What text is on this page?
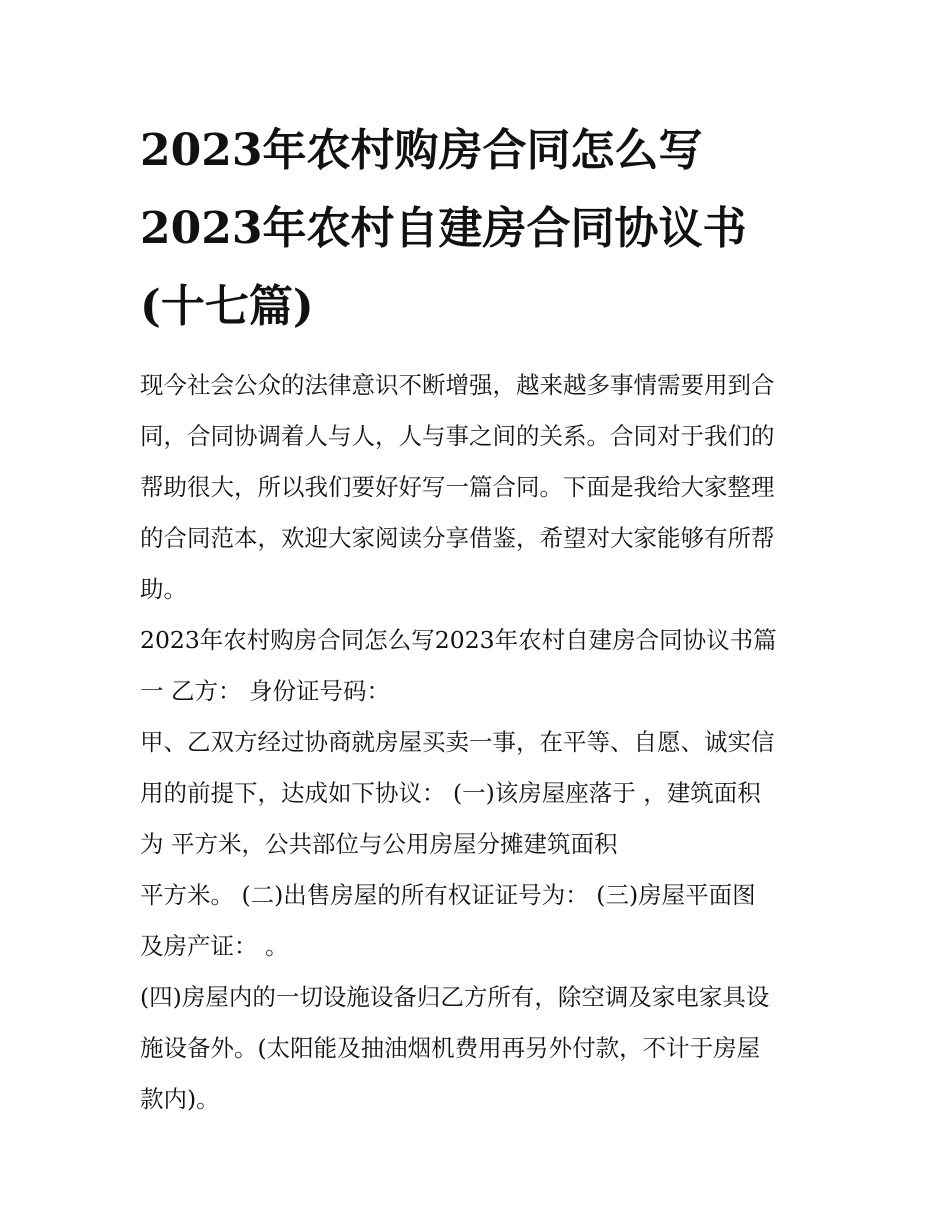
2023年农村购房合同怎么写
2023年农村自建房合同协议书
(十七篇)

现今社会公众的法律意识不断增强，越来越多事情需要用到合
同，合同协调着人与人，人与事之间的关系。合同对于我们的
帮助很大，所以我们要好好写一篇合同。下面是我给大家整理
的合同范本，欢迎大家阅读分享借鉴，希望对大家能够有所帮
助。

2023年农村购房合同怎么写2023年农村自建房合同协议书篇
一 乙方： 身份证号码：

甲、乙双方经过协商就房屋买卖一事，在平等、自愿、诚实信
用的前提下，达成如下协议： (一)该房屋座落于 ，建筑面积
为 平方米，公共部位与公用房屋分摊建筑面积
平方米。 (二)出售房屋的所有权证证号为： (三)房屋平面图
及房产证： 。

(四)房屋内的一切设施设备归乙方所有，除空调及家电家具设
施设备外。(太阳能及抽油烟机费用再另外付款，不计于房屋
款内)。
